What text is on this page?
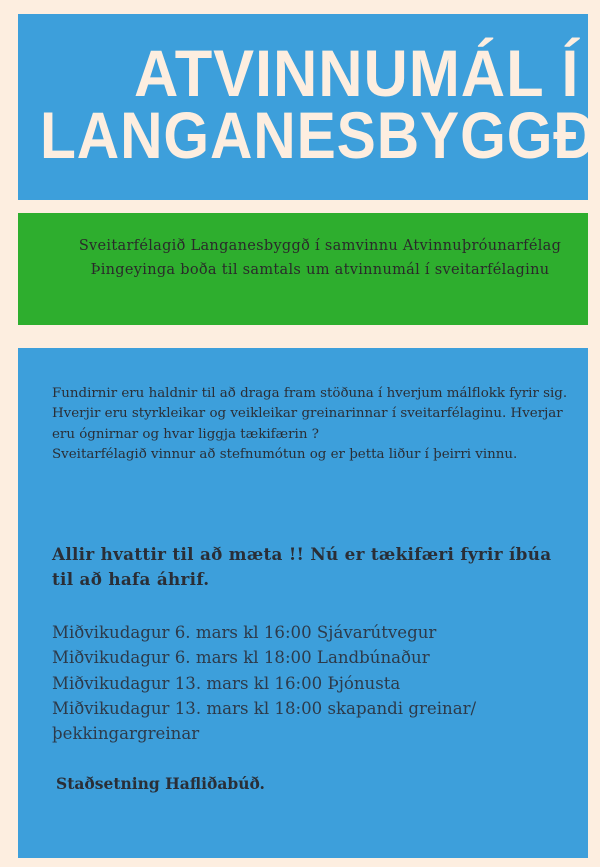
ATVINNUMÁL Í
LANGANESBYGGÐ

Sveitarfélagið Langanesbyggð í samvinnu Atvinnuþróunarfélag Þingeyinga boða til samtals um atvinnumál í sveitarfélaginu

Fundirnir eru haldnir til að draga fram stöðuna í hverjum málflokk fyrir sig.
Hverjir eru styrkleikar og veikleikar greinarinnar í sveitarfélaginu. Hverjar eru ógnirnar og hvar liggja tækifærin ?
Sveitarfélagið vinnur að stefnumótun og er þetta liður í þeirri vinnu.
Allir hvattir til að mæta !! Nú er tækifæri fyrir íbúa til að hafa áhrif.
Miðvikudagur 6. mars kl 16:00 Sjávarútvegur
Miðvikudagur 6. mars kl 18:00 Landbúnaður
Miðvikudagur 13. mars kl 16:00 Þjónusta
Miðvikudagur 13. mars kl 18:00 skapandi greinar/
þekkingargreinar
Staðsetning Hafliðabúð.
